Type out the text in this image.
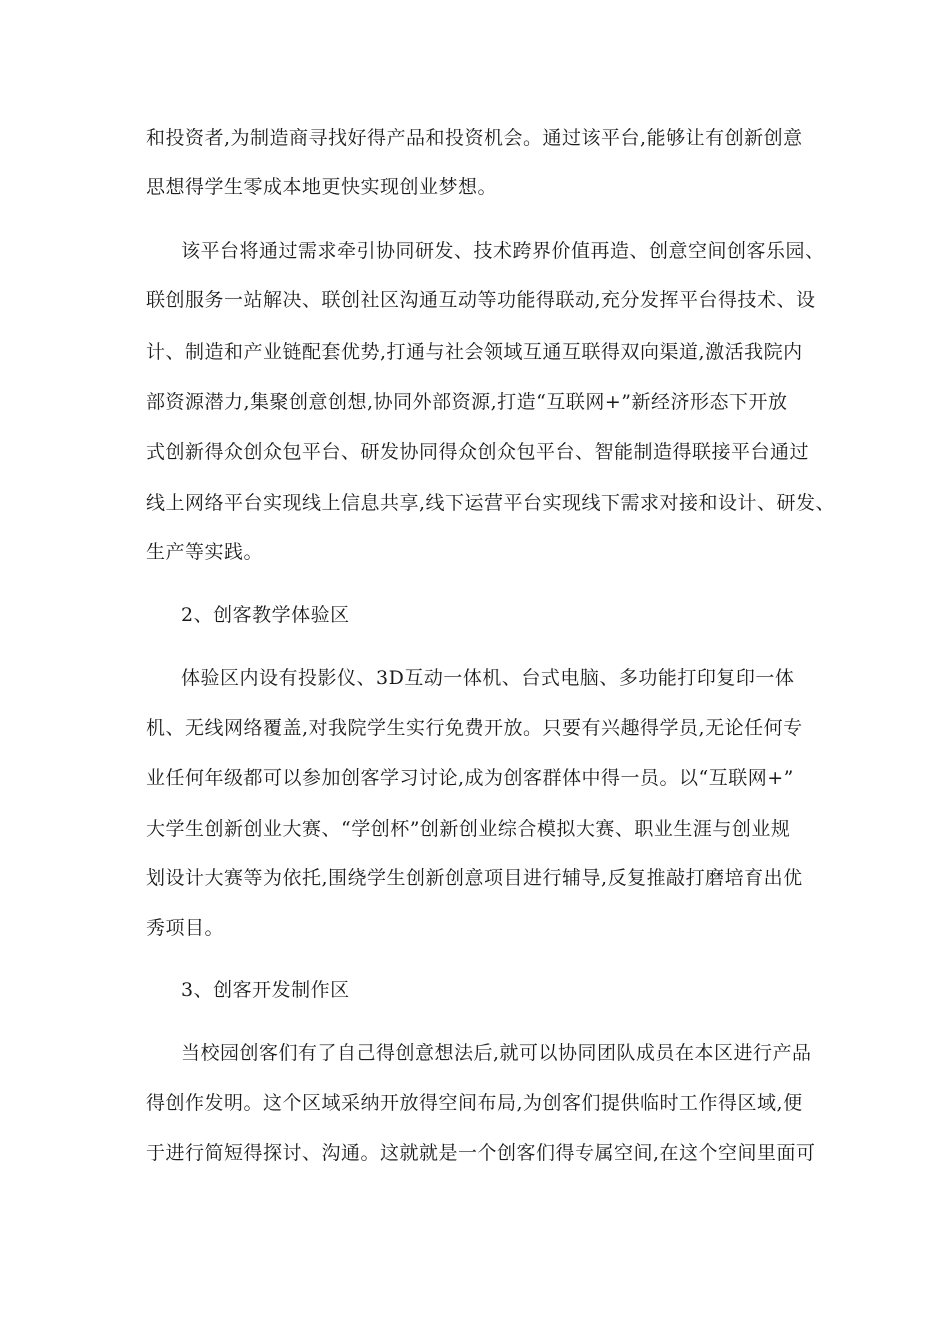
和投资者,为制造商寻找好得产品和投资机会。通过该平台,能够让有创新创意
思想得学生零成本地更快实现创业梦想。
该平台将通过需求牵引协同研发、技术跨界价值再造、创意空间创客乐园、
联创服务一站解决、联创社区沟通互动等功能得联动,充分发挥平台得技术、设
计、制造和产业链配套优势,打通与社会领域互通互联得双向渠道,激活我院内
部资源潜力,集聚创意创想,协同外部资源,打造“互联网+”新经济形态下开放
式创新得众创众包平台、研发协同得众创众包平台、智能制造得联接平台通过
线上网络平台实现线上信息共享,线下运营平台实现线下需求对接和设计、研发、
生产等实践。
2、创客教学体验区
体验区内设有投影仪、3D互动一体机、台式电脑、多功能打印复印一体
机、无线网络覆盖,对我院学生实行免费开放。只要有兴趣得学员,无论任何专
业任何年级都可以参加创客学习讨论,成为创客群体中得一员。以“互联网+”
大学生创新创业大赛、“学创杯”创新创业综合模拟大赛、职业生涯与创业规
划设计大赛等为依托,围绕学生创新创意项目进行辅导,反复推敲打磨培育出优
秀项目。
3、创客开发制作区
当校园创客们有了自己得创意想法后,就可以协同团队成员在本区进行产品
得创作发明。这个区域采纳开放得空间布局,为创客们提供临时工作得区域,便
于进行简短得探讨、沟通。这就就是一个创客们得专属空间,在这个空间里面可
